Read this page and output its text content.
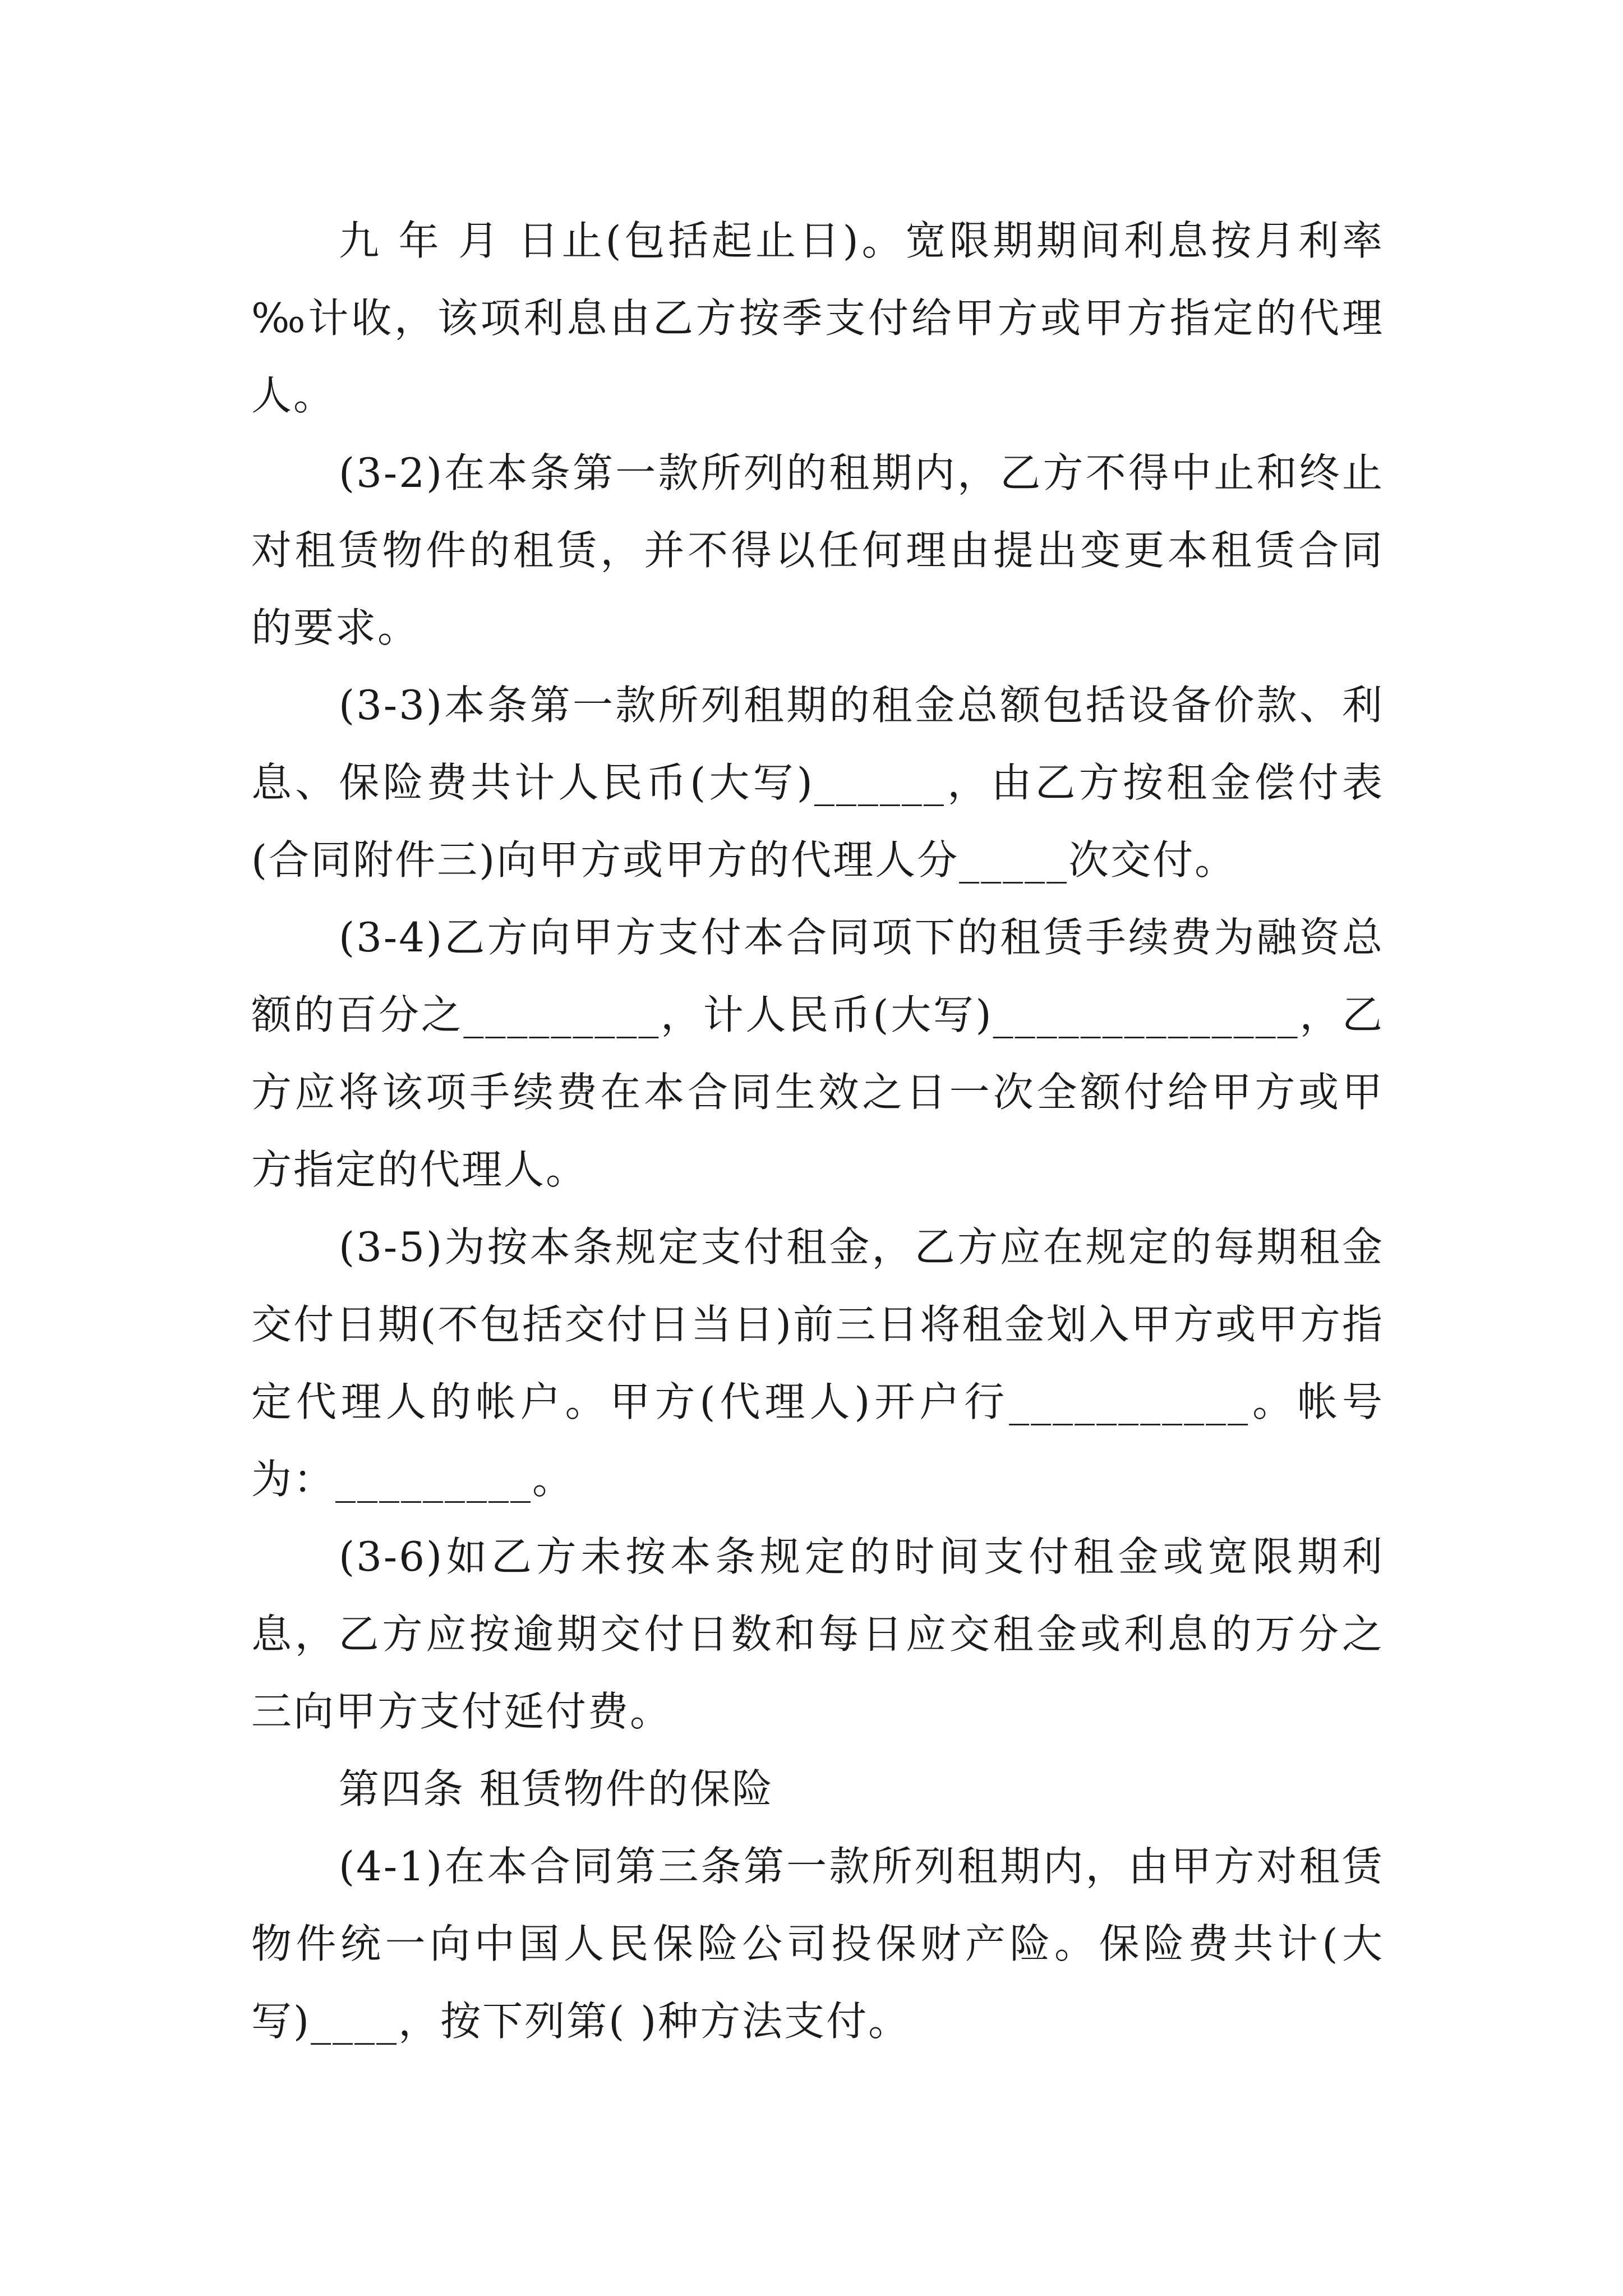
九 年 月 日止(包括起止日)。宽限期期间利息按月利率 ‰计收，该项利息由乙方按季支付给甲方或甲方指定的代理人。

(3-2)在本条第一款所列的租期内，乙方不得中止和终止对租赁物件的租赁，并不得以任何理由提出变更本租赁合同的要求。

(3-3)本条第一款所列租期的租金总额包括设备价款、利息、保险费共计人民币(大写)______，由乙方按租金偿付表(合同附件三)向甲方或甲方的代理人分_____次交付。

(3-4)乙方向甲方支付本合同项下的租赁手续费为融资总额的百分之_________，计人民币(大写)______________，乙方应将该项手续费在本合同生效之日一次全额付给甲方或甲方指定的代理人。

(3-5)为按本条规定支付租金，乙方应在规定的每期租金交付日期(不包括交付日当日)前三日将租金划入甲方或甲方指定代理人的帐户。甲方(代理人)开户行___________。帐号为：_________。

(3-6)如乙方未按本条规定的时间支付租金或宽限期利息，乙方应按逾期交付日数和每日应交租金或利息的万分之三向甲方支付延付费。

第四条 租赁物件的保险

(4-1)在本合同第三条第一款所列租期内，由甲方对租赁物件统一向中国人民保险公司投保财产险。保险费共计(大写)____，按下列第( )种方法支付。
